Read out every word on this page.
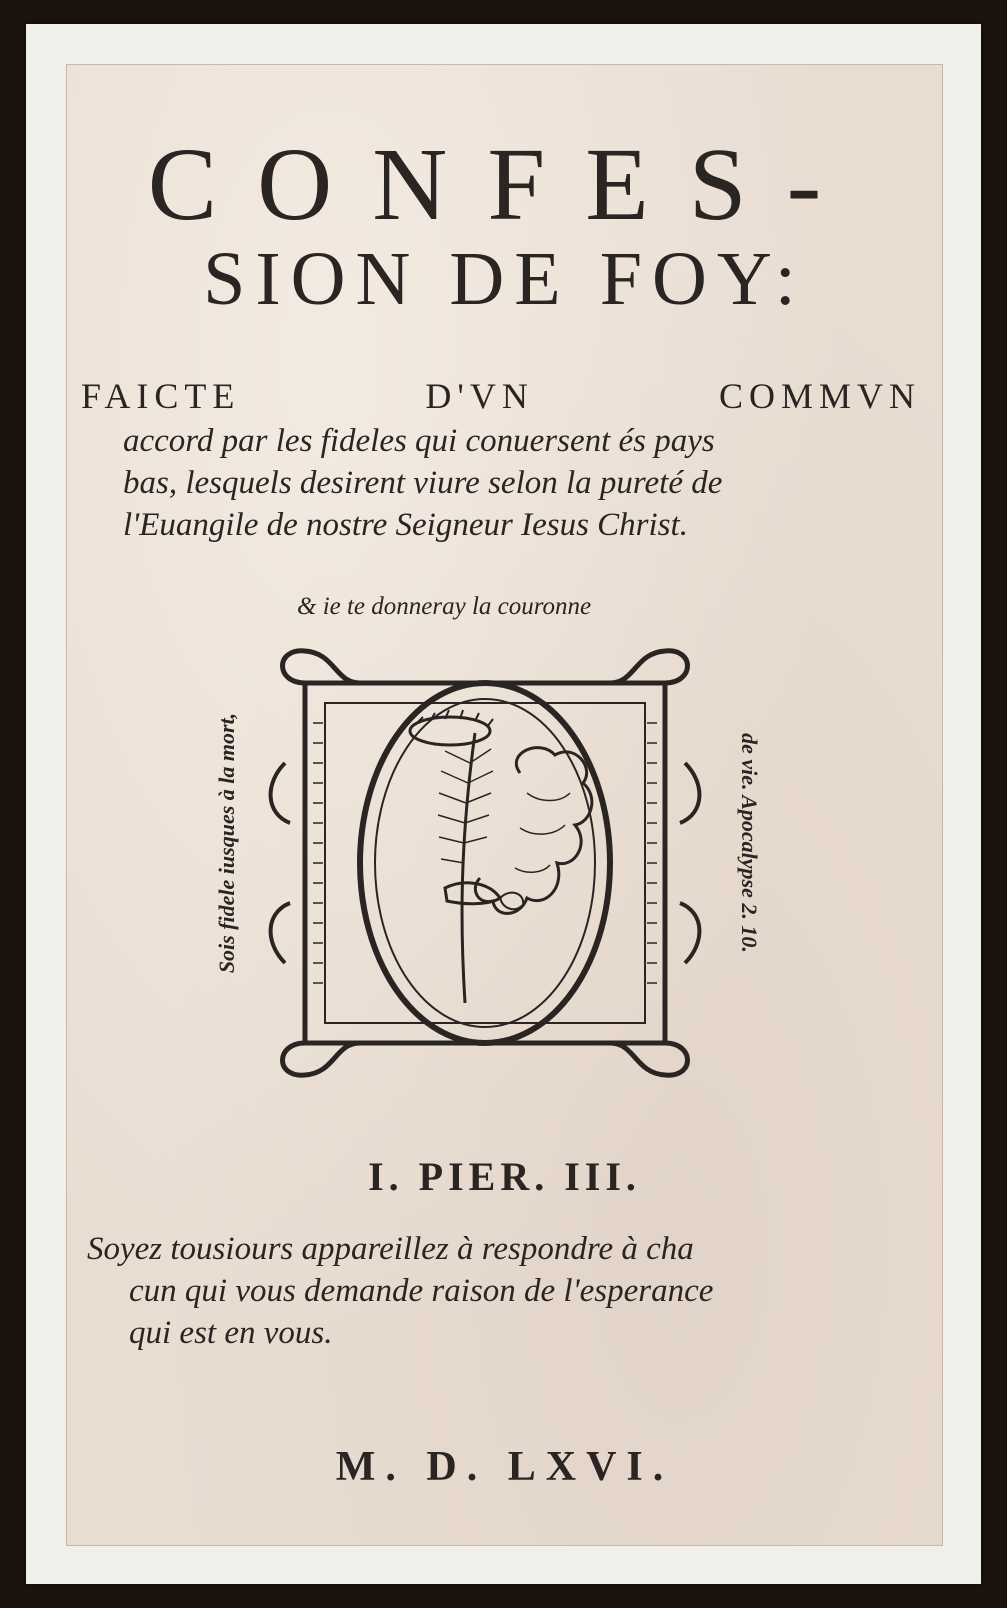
CONFES-
SION DE FOY:
FAICTE	D'VN	COMMVN
accord par les fideles qui conuersent és pays
bas, lesquels desirent viure selon la pureté de
l'Euangile de nostre Seigneur Iesus Christ.
& ie te donneray la couronne
Sois fidele iusques à la mort,	de vie. Apocalypse 2. 10.
I. PIER. III.
Soyez tousiours appareillez à respondre à cha
cun qui vous demande raison de l'esperance
qui est en vous.
M. D. LXVI.
